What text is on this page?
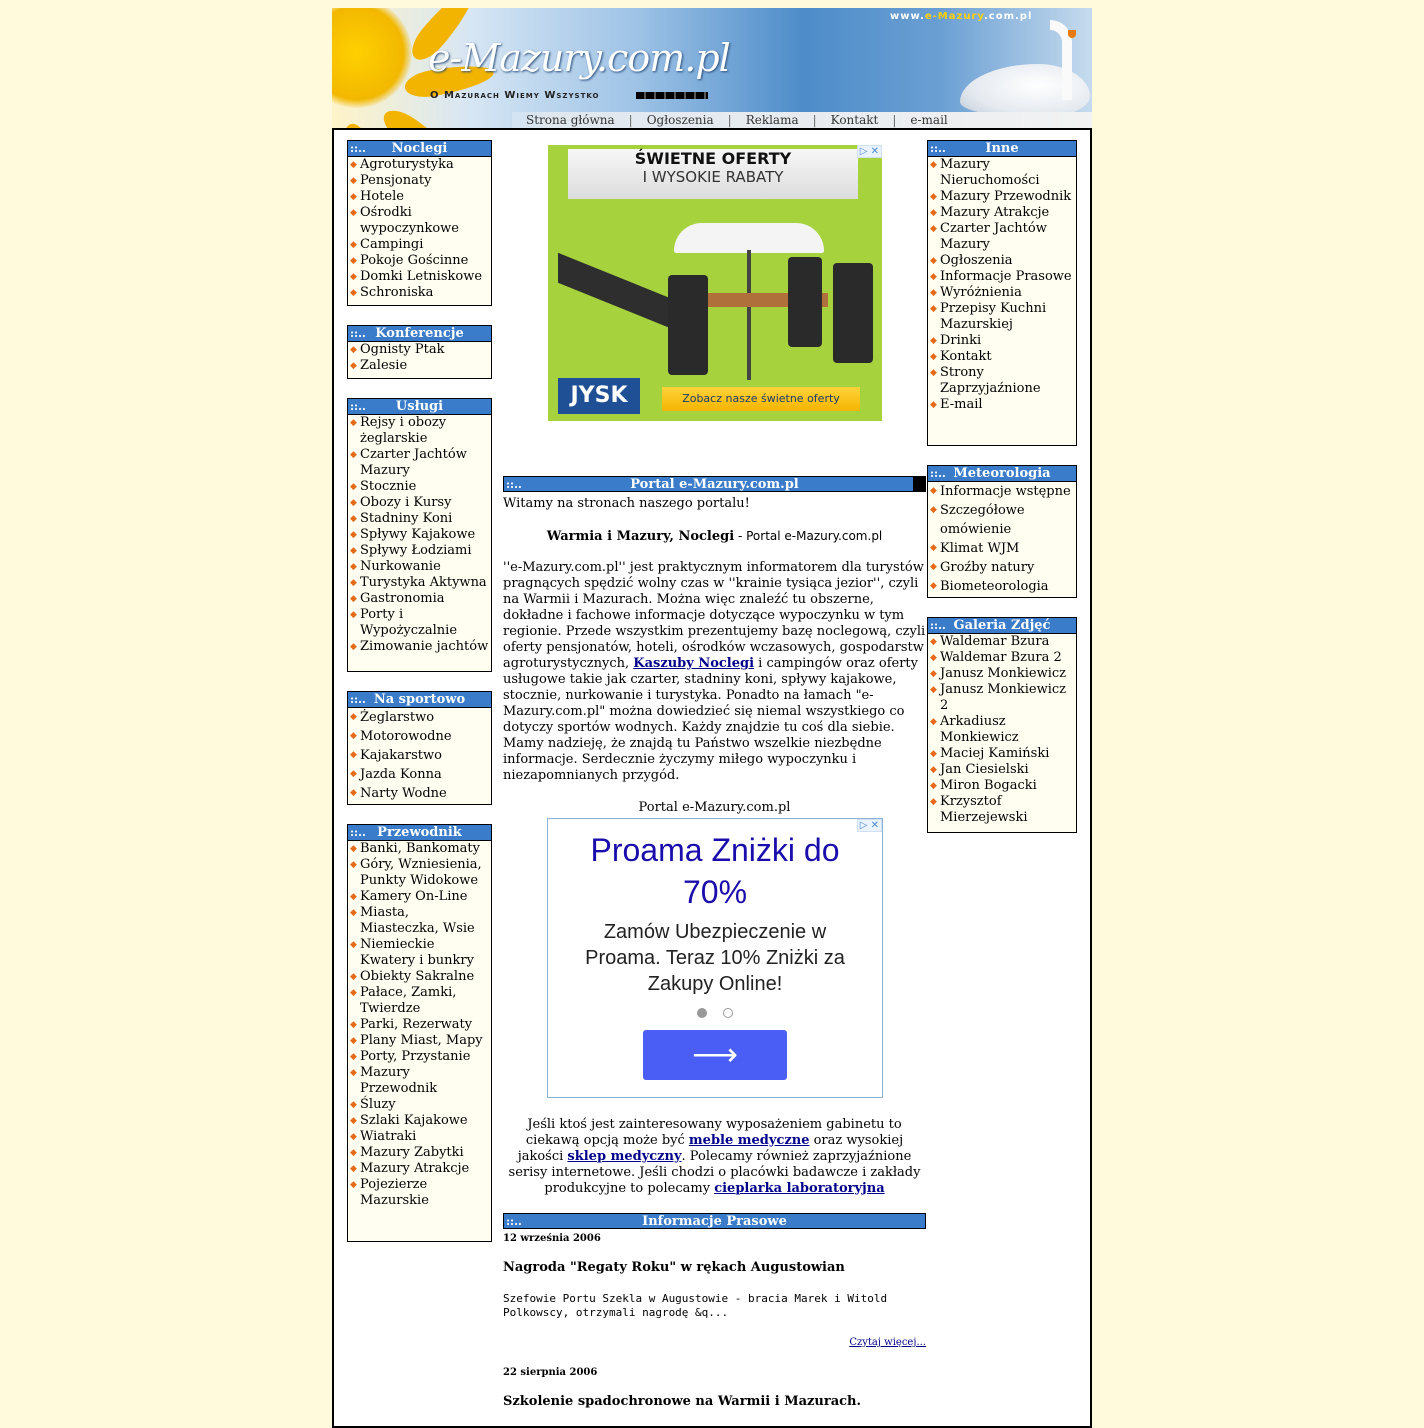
e-Mazury.com.pl
O Mazurach Wiemy Wszystko
www.e-Mazury.com.pl
Strona główna	|	Ogłoszenia	|	Reklama	|	Kontakt	|	e-mail
::..	Noclegi
◆ Agroturystyka
◆ Pensjonaty
◆ Hotele
◆ Ośrodki wypoczynkowe
◆ Campingi
◆ Pokoje Gościnne
◆ Domki Letniskowe
◆ Schroniska
::.. Konferencje
◆ Ognisty Ptak
◆ Zalesie
::..	Usługi
◆ Rejsy i obozy żeglarskie
◆ Czarter Jachtów Mazury
◆ Stocznie
◆ Obozy i Kursy
◆ Stadniny Koni
◆ Spływy Kajakowe
◆ Spływy Łodziami
◆ Nurkowanie
◆ Turystyka Aktywna
◆ Gastronomia
◆ Porty i Wypożyczalnie
◆ Zimowanie jachtów
::.. Na sportowo
◆ Żeglarstwo
◆ Motorowodne
◆ Kajakarstwo
◆ Jazda Konna
◆ Narty Wodne
::.. Przewodnik
◆ Banki, Bankomaty
◆ Góry, Wzniesienia, Punkty Widokowe
◆ Kamery On-Line
◆ Miasta, Miasteczka, Wsie
◆ Niemieckie Kwatery i bunkry
◆ Obiekty Sakralne
◆ Pałace, Zamki, Twierdze
◆ Parki, Rezerwaty
◆ Plany Miast, Mapy
◆ Porty, Przystanie
◆ Mazury Przewodnik
◆ Śluzy
◆ Szlaki Kajakowe
◆ Wiatraki
◆ Mazury Zabytki
◆ Mazury Atrakcje
◆ Pojezierze Mazurskie
::..	Inne
◆ Mazury Nieruchomości
◆ Mazury Przewodnik
◆ Mazury Atrakcje
◆ Czarter Jachtów Mazury
◆ Ogłoszenia
◆ Informacje Prasowe
◆ Wyróżnienia
◆ Przepisy Kuchni Mazurskiej
◆ Drinki
◆ Kontakt
◆ Strony Zaprzyjaźnione
◆ E-mail
::.. Meteorologia
◆ Informacje wstępne
◆ Szczegółowe omówienie
◆ Klimat WJM
◆ Groźby natury
◆ Biometeorologia
::.. Galeria Zdjęć
◆ Waldemar Bzura
◆ Waldemar Bzura 2
◆ Janusz Monkiewicz
◆ Janusz Monkiewicz 2
◆ Arkadiusz Monkiewicz
◆ Maciej Kamiński
◆ Jan Ciesielski
◆ Miron Bogacki
◆ Krzysztof Mierzejewski
ŚWIETNE OFERTY
I WYSOKIE RABATY
JYSK	Zobacz nasze świetne oferty
▷ ✕
::..	Portal e-Mazury.com.pl
Witamy na stronach naszego portalu!
Warmia i Mazury, Noclegi - Portal e-Mazury.com.pl
''e-Mazury.com.pl'' jest praktycznym informatorem dla turystów pragnących spędzić wolny czas w ''krainie tysiąca jezior'', czyli na Warmii i Mazurach. Można więc znaleźć tu obszerne, dokładne i fachowe informacje dotyczące wypoczynku w tym regionie. Przede wszystkim prezentujemy bazę noclegową, czyli oferty pensjonatów, hoteli, ośrodków wczasowych, gospodarstw agroturystycznych, Kaszuby Noclegi i campingów oraz oferty usługowe takie jak czarter, stadniny koni, spływy kajakowe, stocznie, nurkowanie i turystyka. Ponadto na łamach "e-Mazury.com.pl" można dowiedzieć się niemal wszystkiego co dotyczy sportów wodnych. Każdy znajdzie tu coś dla siebie. Mamy nadzieję, że znajdą tu Państwo wszelkie niezbędne informacje. Serdecznie życzymy miłego wypoczynku i niezapomnianych przygód.
Portal e-Mazury.com.pl
Proama Zniżki do 70%
Zamów Ubezpieczenie w Proama. Teraz 10% Zniżki za Zakupy Online!
⟶
▷ ✕
Jeśli ktoś jest zainteresowany wyposażeniem gabinetu to ciekawą opcją może być meble medyczne oraz wysokiej jakości sklep medyczny. Polecamy również zaprzyjaźnione serisy internetowe. Jeśli chodzi o placówki badawcze i zakłady produkcyjne to polecamy cieplarka laboratoryjna
::..	Informacje Prasowe
12 września 2006
Nagroda "Regaty Roku" w rękach Augustowian
Szefowie Portu Szekla w Augustowie - bracia Marek i Witold Polkowscy, otrzymali nagrodę &q...
Czytaj więcej...
22 sierpnia 2006
Szkolenie spadochronowe na Warmii i Mazurach.
